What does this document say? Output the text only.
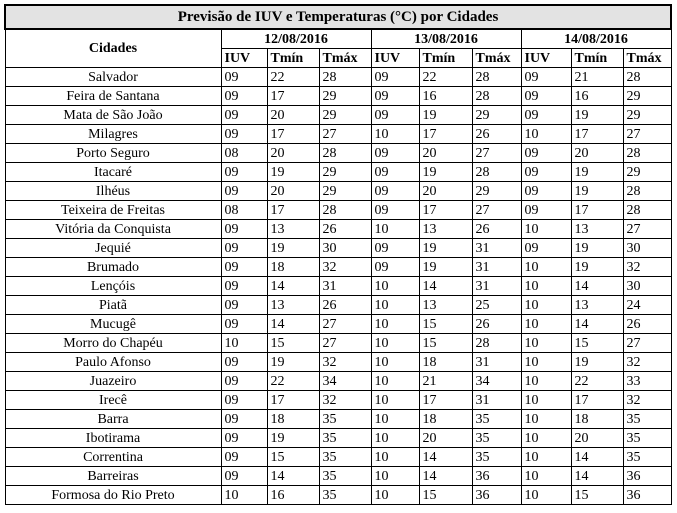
Previsão de IUV e Temperaturas (°C) por Cidades									
Cidades	12/08/2016			13/08/2016			14/08/2016		
	IUV	Tmín	Tmáx	IUV	Tmín	Tmáx	IUV	Tmín	Tmáx
Salvador	09	22	28	09	22	28	09	21	28
Feira de Santana	09	17	29	09	16	28	09	16	29
Mata de São João	09	20	29	09	19	29	09	19	29
Milagres	09	17	27	10	17	26	10	17	27
Porto Seguro	08	20	28	09	20	27	09	20	28
Itacaré	09	19	29	09	19	28	09	19	29
Ilhéus	09	20	29	09	20	29	09	19	28
Teixeira de Freitas	08	17	28	09	17	27	09	17	28
Vitória da Conquista	09	13	26	10	13	26	10	13	27
Jequié	09	19	30	09	19	31	09	19	30
Brumado	09	18	32	09	19	31	10	19	32
Lençóis	09	14	31	10	14	31	10	14	30
Piatã	09	13	26	10	13	25	10	13	24
Mucugê	09	14	27	10	15	26	10	14	26
Morro do Chapéu	10	15	27	10	15	28	10	15	27
Paulo Afonso	09	19	32	10	18	31	10	19	32
Juazeiro	09	22	34	10	21	34	10	22	33
Irecê	09	17	32	10	17	31	10	17	32
Barra	09	18	35	10	18	35	10	18	35
Ibotirama	09	19	35	10	20	35	10	20	35
Correntina	09	15	35	10	14	35	10	14	35
Barreiras	09	14	35	10	14	36	10	14	36
Formosa do Rio Preto	10	16	35	10	15	36	10	15	36
